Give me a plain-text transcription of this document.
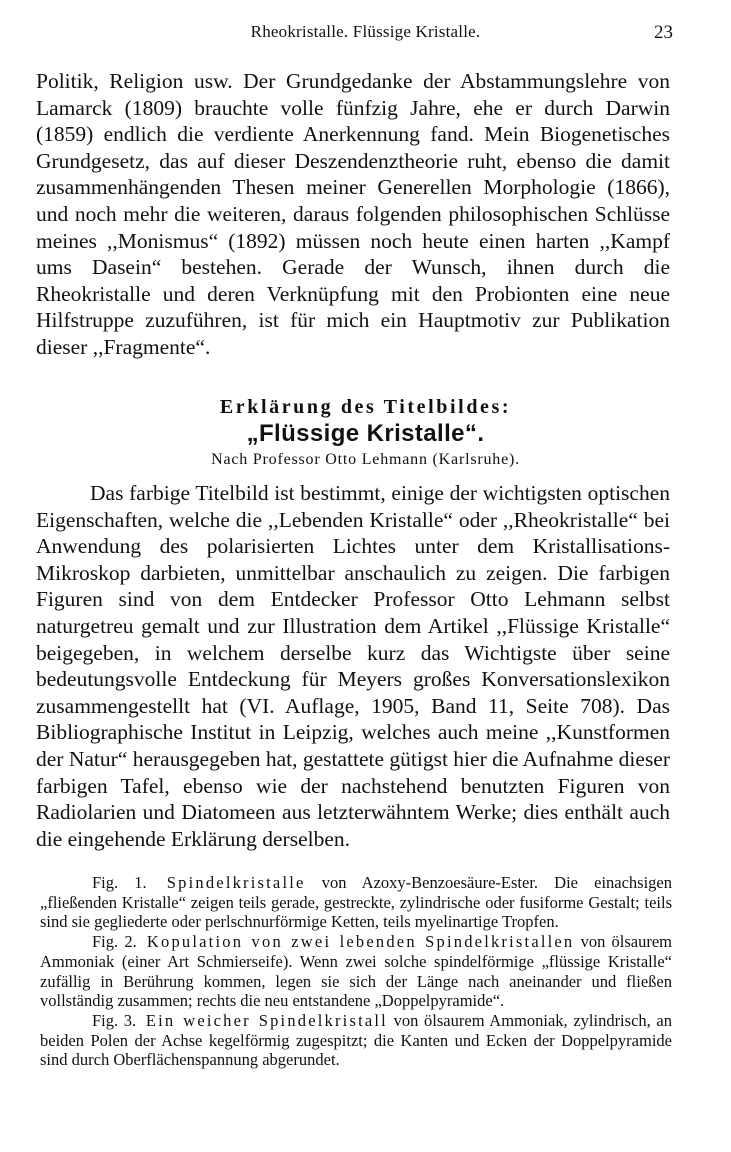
Rheokristalle. Flüssige Kristalle.	23

Politik, Religion usw. Der Grundgedanke der Abstammungslehre von Lamarck (1809) brauchte volle fünfzig Jahre, ehe er durch Darwin (1859) endlich die verdiente Anerkennung fand. Mein Biogenetisches Grundgesetz, das auf dieser Deszendenztheorie ruht, ebenso die damit zusammenhängenden Thesen meiner Generellen Morphologie (1866), und noch mehr die weiteren, daraus folgenden philosophischen Schlüsse meines ,,Monismus“ (1892) müssen noch heute einen harten ,,Kampf ums Dasein“ bestehen. Gerade der Wunsch, ihnen durch die Rheokristalle und deren Verknüpfung mit den Probionten eine neue Hilfstruppe zuzuführen, ist für mich ein Hauptmotiv zur Publikation dieser ,,Fragmente“.

Erklärung des Titelbildes:
„Flüssige Kristalle“.
Nach Professor Otto Lehmann (Karlsruhe).

Das farbige Titelbild ist bestimmt, einige der wichtigsten optischen Eigenschaften, welche die ,,Lebenden Kristalle“ oder ,,Rheokristalle“ bei Anwendung des polarisierten Lichtes unter dem Kristallisations-Mikroskop darbieten, unmittelbar anschaulich zu zeigen. Die farbigen Figuren sind von dem Entdecker Professor Otto Lehmann selbst naturgetreu gemalt und zur Illustration dem Artikel ,,Flüssige Kristalle“ beigegeben, in welchem derselbe kurz das Wichtigste über seine bedeutungsvolle Entdeckung für Meyers großes Konversationslexikon zusammengestellt hat (VI. Auflage, 1905, Band 11, Seite 708). Das Bibliographische Institut in Leipzig, welches auch meine ,,Kunstformen der Natur“ herausgegeben hat, gestattete gütigst hier die Aufnahme dieser farbigen Tafel, ebenso wie der nachstehend benutzten Figuren von Radiolarien und Diatomeen aus letzterwähntem Werke; dies enthält auch die eingehende Erklärung derselben.

Fig. 1. Spindelkristalle von Azoxy-Benzoesäure-Ester. Die einachsigen „fließenden Kristalle“ zeigen teils gerade, gestreckte, zylindrische oder fusiforme Gestalt; teils sind sie gegliederte oder perlschnurförmige Ketten, teils myelinartige Tropfen.

Fig. 2. Kopulation von zwei lebenden Spindelkristallen von ölsaurem Ammoniak (einer Art Schmierseife). Wenn zwei solche spindelförmige „flüssige Kristalle“ zufällig in Berührung kommen, legen sie sich der Länge nach aneinander und fließen vollständig zusammen; rechts die neu entstandene „Doppelpyramide“.

Fig. 3. Ein weicher Spindelkristall von ölsaurem Ammoniak, zylindrisch, an beiden Polen der Achse kegelförmig zugespitzt; die Kanten und Ecken der Doppelpyramide sind durch Oberflächenspannung abgerundet.
